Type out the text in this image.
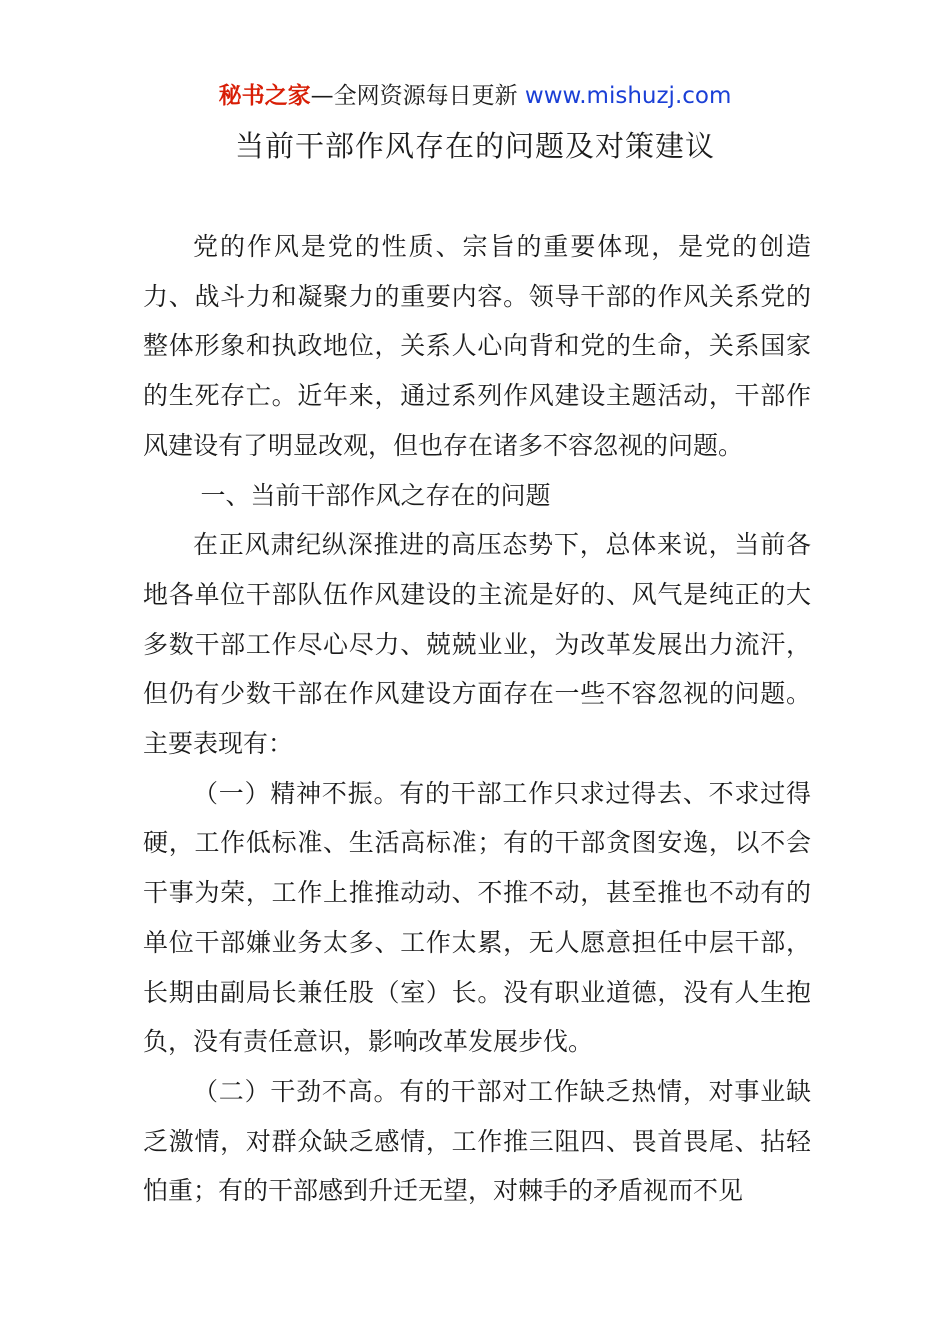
秘书之家—全网资源每日更新 www.mishuzj.com
当前干部作风存在的问题及对策建议

党的作风是党的性质、宗旨的重要体现，是党的创造力、战斗力和凝聚力的重要内容。领导干部的作风关系党的整体形象和执政地位，关系人心向背和党的生命，关系国家的生死存亡。近年来，通过系列作风建设主题活动，干部作风建设有了明显改观，但也存在诸多不容忽视的问题。

一、当前干部作风之存在的问题

在正风肃纪纵深推进的高压态势下，总体来说，当前各地各单位干部队伍作风建设的主流是好的、风气是纯正的大多数干部工作尽心尽力、兢兢业业，为改革发展出力流汗，但仍有少数干部在作风建设方面存在一些不容忽视的问题。主要表现有：

（一）精神不振。有的干部工作只求过得去、不求过得硬，工作低标准、生活高标准；有的干部贪图安逸，以不会干事为荣，工作上推推动动、不推不动，甚至推也不动有的单位干部嫌业务太多、工作太累，无人愿意担任中层干部，长期由副局长兼任股（室）长。没有职业道德，没有人生抱负，没有责任意识，影响改革发展步伐。

（二）干劲不高。有的干部对工作缺乏热情，对事业缺乏激情，对群众缺乏感情，工作推三阻四、畏首畏尾、拈轻怕重；有的干部感到升迁无望，对棘手的矛盾视而不见
